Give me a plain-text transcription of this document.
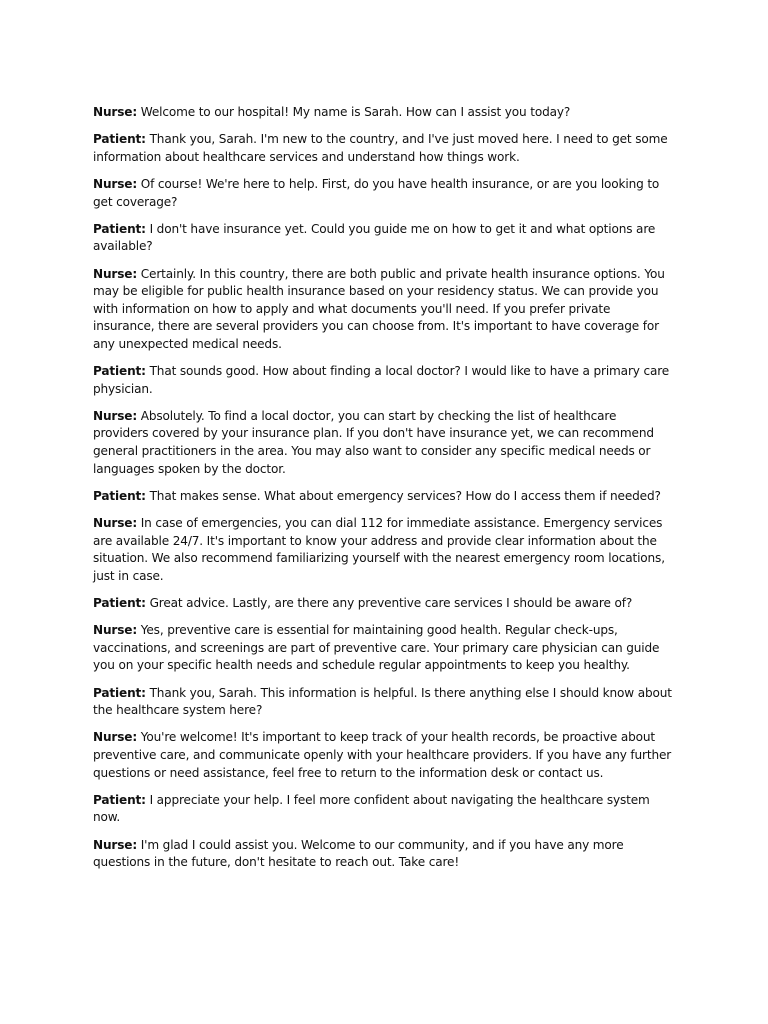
Nurse: Welcome to our hospital! My name is Sarah. How can I assist you today?

Patient: Thank you, Sarah. I'm new to the country, and I've just moved here. I need to get some information about healthcare services and understand how things work.

Nurse: Of course! We're here to help. First, do you have health insurance, or are you looking to get coverage?

Patient: I don't have insurance yet. Could you guide me on how to get it and what options are available?

Nurse: Certainly. In this country, there are both public and private health insurance options. You may be eligible for public health insurance based on your residency status. We can provide you with information on how to apply and what documents you'll need. If you prefer private insurance, there are several providers you can choose from. It's important to have coverage for any unexpected medical needs.

Patient: That sounds good. How about finding a local doctor? I would like to have a primary care physician.

Nurse: Absolutely. To find a local doctor, you can start by checking the list of healthcare providers covered by your insurance plan. If you don't have insurance yet, we can recommend general practitioners in the area. You may also want to consider any specific medical needs or languages spoken by the doctor.

Patient: That makes sense. What about emergency services? How do I access them if needed?

Nurse: In case of emergencies, you can dial 112 for immediate assistance. Emergency services are available 24/7. It's important to know your address and provide clear information about the situation. We also recommend familiarizing yourself with the nearest emergency room locations, just in case.

Patient: Great advice. Lastly, are there any preventive care services I should be aware of?

Nurse: Yes, preventive care is essential for maintaining good health. Regular check-ups, vaccinations, and screenings are part of preventive care. Your primary care physician can guide you on your specific health needs and schedule regular appointments to keep you healthy.

Patient: Thank you, Sarah. This information is helpful. Is there anything else I should know about the healthcare system here?

Nurse: You're welcome! It's important to keep track of your health records, be proactive about preventive care, and communicate openly with your healthcare providers. If you have any further questions or need assistance, feel free to return to the information desk or contact us.

Patient: I appreciate your help. I feel more confident about navigating the healthcare system now.

Nurse: I'm glad I could assist you. Welcome to our community, and if you have any more questions in the future, don't hesitate to reach out. Take care!
